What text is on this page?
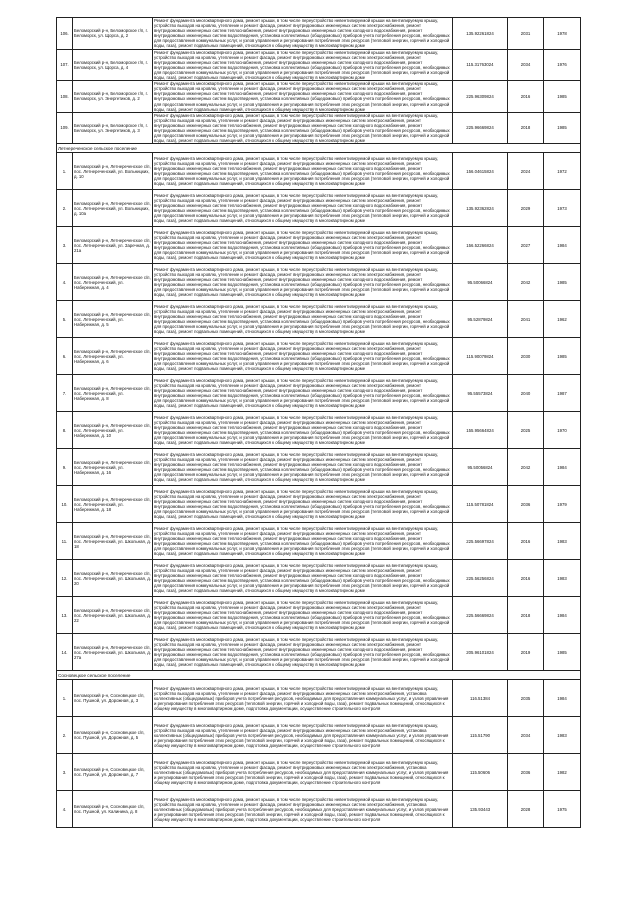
106.	Беломорский р-н, Беломорское г/п, г. Беломорск, ул. Щорса, д. 2	Ремонт фундамента многоквартирного дома, ремонт крыши, в том числе переустройство невентилируемой крыши на вентилируемую крышу, устройство выходов на кровлю, утепление и ремонт фасада, ремонт внутридомовых инженерных систем электроснабжения, ремонт внутридомовых инженерных систем теплоснабжения, ремонт внутридомовых инженерных систем холодного водоснабжения, ремонт внутридомовых инженерных систем водоотведения, установка коллективных (общедомовых) приборов учета потребления ресурсов, необходимых для предоставления коммунальных услуг, и узлов управления и регулирования потребления этих ресурсов (тепловой энергии, горячей и холодной воды, газа), ремонт подвальных помещений, относящихся к общему имуществу в многоквартирном доме	135.92261824	2031	1978
107.	Беломорский р-н, Беломорское г/п, г. Беломорск, ул. Щорса, д. 4	Ремонт фундамента многоквартирного дома, ремонт крыши, в том числе переустройство невентилируемой крыши на вентилируемую крышу, устройство выходов на кровлю, утепление и ремонт фасада, ремонт внутридомовых инженерных систем электроснабжения, ремонт внутридомовых инженерных систем теплоснабжения, ремонт внутридомовых инженерных систем холодного водоснабжения, ремонт внутридомовых инженерных систем водоотведения, установка коллективных (общедомовых) приборов учета потребления ресурсов, необходимых для предоставления коммунальных услуг, и узлов управления и регулирования потребления этих ресурсов (тепловой энергии, горячей и холодной воды, газа), ремонт подвальных помещений, относящихся к общему имуществу в многоквартирном доме	115.31763024	2034	1976
108.	Беломорский р-н, Беломорское г/п, г. Беломорск, ул. Энергетиков, д. 2	Ремонт фундамента многоквартирного дома, ремонт крыши, в том числе переустройство невентилируемой крыши на вентилируемую крышу, устройство выходов на кровлю, утепление и ремонт фасада, ремонт внутридомовых инженерных систем электроснабжения, ремонт внутридомовых инженерных систем теплоснабжения, ремонт внутридомовых инженерных систем холодного водоснабжения, ремонт внутридомовых инженерных систем водоотведения, установка коллективных (общедомовых) приборов учета потребления ресурсов, необходимых для предоставления коммунальных услуг, и узлов управления и регулирования потребления этих ресурсов (тепловой энергии, горячей и холодной воды, газа), ремонт подвальных помещений, относящихся к общему имуществу в многоквартирном доме	225.96309824	2016	1985
109.	Беломорский р-н, Беломорское г/п, г. Беломорск, ул. Энергетиков, д. 3	Ремонт фундамента многоквартирного дома, ремонт крыши, в том числе переустройство невентилируемой крыши на вентилируемую крышу, устройство выходов на кровлю, утепление и ремонт фасада, ремонт внутридомовых инженерных систем электроснабжения, ремонт внутридомовых инженерных систем теплоснабжения, ремонт внутридомовых инженерных систем холодного водоснабжения, ремонт внутридомовых инженерных систем водоотведения, установка коллективных (общедомовых) приборов учета потребления ресурсов, необходимых для предоставления коммунальных услуг, и узлов управления и регулирования потребления этих ресурсов (тепловой энергии, горячей и холодной воды, газа), ремонт подвальных помещений, относящихся к общему имуществу в многоквартирном доме	225.96669824	2018	1985
Летнереченское сельское поселение					
1.	Беломорский р-н, Летнереченское с/п, пос. Летнереченский, ул. Вольницких, д. 10	Ремонт фундамента многоквартирного дома, ремонт крыши, в том числе переустройство невентилируемой крыши на вентилируемую крышу, устройство выходов на кровлю, утепление и ремонт фасада, ремонт внутридомовых инженерных систем электроснабжения, ремонт внутридомовых инженерных систем теплоснабжения, ремонт внутридомовых инженерных систем холодного водоснабжения, ремонт внутридомовых инженерных систем водоотведения, установка коллективных (общедомовых) приборов учета потребления ресурсов, необходимых для предоставления коммунальных услуг, и узлов управления и регулирования потребления этих ресурсов (тепловой энергии, горячей и холодной воды, газа), ремонт подвальных помещений, относящихся к общему имуществу в многоквартирном доме	156.04615824	2024	1972
2.	Беломорский р-н, Летнереченское с/п, пос. Летнереченский, ул. Вольницких, д. 10а	Ремонт фундамента многоквартирного дома, ремонт крыши, в том числе переустройство невентилируемой крыши на вентилируемую крышу, устройство выходов на кровлю, утепление и ремонт фасада, ремонт внутридомовых инженерных систем электроснабжения, ремонт внутридомовых инженерных систем теплоснабжения, ремонт внутридомовых инженерных систем холодного водоснабжения, ремонт внутридомовых инженерных систем водоотведения, установка коллективных (общедомовых) приборов учета потребления ресурсов, необходимых для предоставления коммунальных услуг, и узлов управления и регулирования потребления этих ресурсов (тепловой энергии, горячей и холодной воды, газа), ремонт подвальных помещений, относящихся к общему имуществу в многоквартирном доме	135.92362824	2029	1973
3.	Беломорский р-н, Летнереченское с/п, пос. Летнереченский, ул. Заречная, д. 21а	Ремонт фундамента многоквартирного дома, ремонт крыши, в том числе переустройство невентилируемой крыши на вентилируемую крышу, устройство выходов на кровлю, утепление и ремонт фасада, ремонт внутридомовых инженерных систем электроснабжения, ремонт внутридомовых инженерных систем теплоснабжения, ремонт внутридомовых инженерных систем холодного водоснабжения, ремонт внутридомовых инженерных систем водоотведения, установка коллективных (общедомовых) приборов учета потребления ресурсов, необходимых для предоставления коммунальных услуг, и узлов управления и регулирования потребления этих ресурсов (тепловой энергии, горячей и холодной воды, газа), ремонт подвальных помещений, относящихся к общему имуществу в многоквартирном доме	156.52266824	2027	1984
4.	Беломорский р-н, Летнереченское с/п, пос. Летнереченский, ул. Набережная, д. 4	Ремонт фундамента многоквартирного дома, ремонт крыши, в том числе переустройство невентилируемой крыши на вентилируемую крышу, устройство выходов на кровлю, утепление и ремонт фасада, ремонт внутридомовых инженерных систем электроснабжения, ремонт внутридомовых инженерных систем теплоснабжения, ремонт внутридомовых инженерных систем холодного водоснабжения, ремонт внутридомовых инженерных систем водоотведения, установка коллективных (общедомовых) приборов учета потребления ресурсов, необходимых для предоставления коммунальных услуг, и узлов управления и регулирования потребления этих ресурсов (тепловой энергии, горячей и холодной воды, газа), ремонт подвальных помещений, относящихся к общему имуществу в многоквартирном доме	95.50066824	2042	1985
5.	Беломорский р-н, Летнереченское с/п, пос. Летнереченский, ул. Набережная, д. 5	Ремонт фундамента многоквартирного дома, ремонт крыши, в том числе переустройство невентилируемой крыши на вентилируемую крышу, устройство выходов на кровлю, утепление и ремонт фасада, ремонт внутридомовых инженерных систем электроснабжения, ремонт внутридомовых инженерных систем теплоснабжения, ремонт внутридомовых инженерных систем холодного водоснабжения, ремонт внутридомовых инженерных систем водоотведения, установка коллективных (общедомовых) приборов учета потребления ресурсов, необходимых для предоставления коммунальных услуг, и узлов управления и регулирования потребления этих ресурсов (тепловой энергии, горячей и холодной воды, газа), ремонт подвальных помещений, относящихся к общему имуществу в многоквартирном доме	95.52879824	2041	1962
6.	Беломорский р-н, Летнереченское с/п, пос. Летнереченский, ул. Набережная, д. 6	Ремонт фундамента многоквартирного дома, ремонт крыши, в том числе переустройство невентилируемой крыши на вентилируемую крышу, устройство выходов на кровлю, утепление и ремонт фасада, ремонт внутридомовых инженерных систем электроснабжения, ремонт внутридомовых инженерных систем теплоснабжения, ремонт внутридомовых инженерных систем холодного водоснабжения, ремонт внутридомовых инженерных систем водоотведения, установка коллективных (общедомовых) приборов учета потребления ресурсов, необходимых для предоставления коммунальных услуг, и узлов управления и регулирования потребления этих ресурсов (тепловой энергии, горячей и холодной воды, газа), ремонт подвальных помещений, относящихся к общему имуществу в многоквартирном доме	115.90079824	2030	1985
7.	Беломорский р-н, Летнереченское с/п, пос. Летнереченский, ул. Набережная, д. 8	Ремонт фундамента многоквартирного дома, ремонт крыши, в том числе переустройство невентилируемой крыши на вентилируемую крышу, устройство выходов на кровлю, утепление и ремонт фасада, ремонт внутридомовых инженерных систем электроснабжения, ремонт внутридомовых инженерных систем теплоснабжения, ремонт внутридомовых инженерных систем холодного водоснабжения, ремонт внутридомовых инженерных систем водоотведения, установка коллективных (общедомовых) приборов учета потребления ресурсов, необходимых для предоставления коммунальных услуг, и узлов управления и регулирования потребления этих ресурсов (тепловой энергии, горячей и холодной воды, газа), ремонт подвальных помещений, относящихся к общему имуществу в многоквартирном доме	95.55573824	2040	1987
8.	Беломорский р-н, Летнереченское с/п, пос. Летнереченский, ул. Набережная, д. 10	Ремонт фундамента многоквартирного дома, ремонт крыши, в том числе переустройство невентилируемой крыши на вентилируемую крышу, устройство выходов на кровлю, утепление и ремонт фасада, ремонт внутридомовых инженерных систем электроснабжения, ремонт внутридомовых инженерных систем теплоснабжения, ремонт внутридомовых инженерных систем холодного водоснабжения, ремонт внутридомовых инженерных систем водоотведения, установка коллективных (общедомовых) приборов учета потребления ресурсов, необходимых для предоставления коммунальных услуг, и узлов управления и регулирования потребления этих ресурсов (тепловой энергии, горячей и холодной воды, газа), ремонт подвальных помещений, относящихся к общему имуществу в многоквартирном доме	155.95664824	2025	1970
9.	Беломорский р-н, Летнереченское с/п, пос. Летнереченский, ул. Набережная, д. 16	Ремонт фундамента многоквартирного дома, ремонт крыши, в том числе переустройство невентилируемой крыши на вентилируемую крышу, устройство выходов на кровлю, утепление и ремонт фасада, ремонт внутридомовых инженерных систем электроснабжения, ремонт внутридомовых инженерных систем теплоснабжения, ремонт внутридомовых инженерных систем холодного водоснабжения, ремонт внутридомовых инженерных систем водоотведения, установка коллективных (общедомовых) приборов учета потребления ресурсов, необходимых для предоставления коммунальных услуг, и узлов управления и регулирования потребления этих ресурсов (тепловой энергии, горячей и холодной воды, газа), ремонт подвальных помещений, относящихся к общему имуществу в многоквартирном доме	95.50056824	2042	1984
10.	Беломорский р-н, Летнереченское с/п, пос. Летнереченский, ул. Набережная, д. 18	Ремонт фундамента многоквартирного дома, ремонт крыши, в том числе переустройство невентилируемой крыши на вентилируемую крышу, устройство выходов на кровлю, утепление и ремонт фасада, ремонт внутридомовых инженерных систем электроснабжения, ремонт внутридомовых инженерных систем теплоснабжения, ремонт внутридомовых инженерных систем холодного водоснабжения, ремонт внутридомовых инженерных систем водоотведения, установка коллективных (общедомовых) приборов учета потребления ресурсов, необходимых для предоставления коммунальных услуг, и узлов управления и регулирования потребления этих ресурсов (тепловой энергии, горячей и холодной воды, газа), ремонт подвальных помещений, относящихся к общему имуществу в многоквартирном доме	115.50781824	2036	1979
11.	Беломорский р-н, Летнереченское с/п, пос. Летнереченский, ул. Школьная, д. 18	Ремонт фундамента многоквартирного дома, ремонт крыши, в том числе переустройство невентилируемой крыши на вентилируемую крышу, устройство выходов на кровлю, утепление и ремонт фасада, ремонт внутридомовых инженерных систем электроснабжения, ремонт внутридомовых инженерных систем теплоснабжения, ремонт внутридомовых инженерных систем холодного водоснабжения, ремонт внутридомовых инженерных систем водоотведения, установка коллективных (общедомовых) приборов учета потребления ресурсов, необходимых для предоставления коммунальных услуг, и узлов управления и регулирования потребления этих ресурсов (тепловой энергии, горячей и холодной воды, газа), ремонт подвальных помещений, относящихся к общему имуществу в многоквартирном доме	225.56697824	2016	1983
12.	Беломорский р-н, Летнереченское с/п, пос. Летнереченский, ул. Школьная, д. 20	Ремонт фундамента многоквартирного дома, ремонт крыши, в том числе переустройство невентилируемой крыши на вентилируемую крышу, устройство выходов на кровлю, утепление и ремонт фасада, ремонт внутридомовых инженерных систем электроснабжения, ремонт внутридомовых инженерных систем теплоснабжения, ремонт внутридомовых инженерных систем холодного водоснабжения, ремонт внутридомовых инженерных систем водоотведения, установка коллективных (общедомовых) приборов учета потребления ресурсов, необходимых для предоставления коммунальных услуг, и узлов управления и регулирования потребления этих ресурсов (тепловой энергии, горячей и холодной воды, газа), ремонт подвальных помещений, относящихся к общему имуществу в многоквартирном доме	225.56256824	2016	1983
13.	Беломорский р-н, Летнереченское с/п, пос. Летнереченский, ул. Школьная, д. 22	Ремонт фундамента многоквартирного дома, ремонт крыши, в том числе переустройство невентилируемой крыши на вентилируемую крышу, устройство выходов на кровлю, утепление и ремонт фасада, ремонт внутридомовых инженерных систем электроснабжения, ремонт внутридомовых инженерных систем теплоснабжения, ремонт внутридомовых инженерных систем холодного водоснабжения, ремонт внутридомовых инженерных систем водоотведения, установка коллективных (общедомовых) приборов учета потребления ресурсов, необходимых для предоставления коммунальных услуг, и узлов управления и регулирования потребления этих ресурсов (тепловой энергии, горячей и холодной воды, газа), ремонт подвальных помещений, относящихся к общему имуществу в многоквартирном доме	225.56669824	2018	1984
14.	Беломорский р-н, Летнереченское с/п, пос. Летнереченский, ул. Школьная, д. 27а	Ремонт фундамента многоквартирного дома, ремонт крыши, в том числе переустройство невентилируемой крыши на вентилируемую крышу, устройство выходов на кровлю, утепление и ремонт фасада, ремонт внутридомовых инженерных систем электроснабжения, ремонт внутридомовых инженерных систем теплоснабжения, ремонт внутридомовых инженерных систем холодного водоснабжения, ремонт внутридомовых инженерных систем водоотведения, установка коллективных (общедомовых) приборов учета потребления ресурсов, необходимых для предоставления коммунальных услуг, и узлов управления и регулирования потребления этих ресурсов (тепловой энергии, горячей и холодной воды, газа), ремонт подвальных помещений, относящихся к общему имуществу в многоквартирном доме	205.96101824	2019	1985
Сосновецкое сельское поселение					
1.	Беломорский р-н, Сосновецкое с/п, пос. Пушной, ул. Дорожная, д. 3	Ремонт фундамента многоквартирного дома, ремонт крыши, в том числе переустройство невентилируемой крыши на вентилируемую крышу, устройство выходов на кровлю, утепление и ремонт фасада, ремонт внутридомовых инженерных систем электроснабжения, установка коллективных (общедомовых) приборов учета потребления ресурсов, необходимых для предоставления коммунальных услуг, и узлов управления и регулирования потребления этих ресурсов (тепловой энергии, горячей и холодной воды, газа), ремонт подвальных помещений, относящихся к общему имуществу в многоквартирном доме, подготовка документации, осуществление строительного контроля	116.51384	2035	1984
2.	Беломорский р-н, Сосновецкое с/п, пос. Пушной, ул. Дорожная, д. 5	Ремонт фундамента многоквартирного дома, ремонт крыши, в том числе переустройство невентилируемой крыши на вентилируемую крышу, устройство выходов на кровлю, утепление и ремонт фасада, ремонт внутридомовых инженерных систем электроснабжения, установка коллективных (общедомовых) приборов учета потребления ресурсов, необходимых для предоставления коммунальных услуг, и узлов управления и регулирования потребления этих ресурсов (тепловой энергии, горячей и холодной воды, газа), ремонт подвальных помещений, относящихся к общему имуществу в многоквартирном доме, подготовка документации, осуществление строительного контроля	115.51790	2034	1983
3.	Беломорский р-н, Сосновецкое с/п, пос. Пушной, ул. Дорожная, д. 7	Ремонт фундамента многоквартирного дома, ремонт крыши, в том числе переустройство невентилируемой крыши на вентилируемую крышу, устройство выходов на кровлю, утепление и ремонт фасада, ремонт внутридомовых инженерных систем электроснабжения, установка коллективных (общедомовых) приборов учета потребления ресурсов, необходимых для предоставления коммунальных услуг, и узлов управления и регулирования потребления этих ресурсов (тепловой энергии, горячей и холодной воды, газа), ремонт подвальных помещений, относящихся к общему имуществу в многоквартирном доме, подготовка документации, осуществление строительного контроля	115.50606	2036	1982
4.	Беломорский р-н, Сосновецкое с/п, пос. Пушной, ул. Калинина, д. 8	Ремонт фундамента многоквартирного дома, ремонт крыши, в том числе переустройство невентилируемой крыши на вентилируемую крышу, устройство выходов на кровлю, утепление и ремонт фасада, ремонт внутридомовых инженерных систем электроснабжения, установка коллективных (общедомовых) приборов учета потребления ресурсов, необходимых для предоставления коммунальных услуг, и узлов управления и регулирования потребления этих ресурсов (тепловой энергии, горячей и холодной воды, газа), ремонт подвальных помещений, относящихся к общему имуществу в многоквартирном доме, подготовка документации, осуществление строительного контроля	135.93443	2028	1975
